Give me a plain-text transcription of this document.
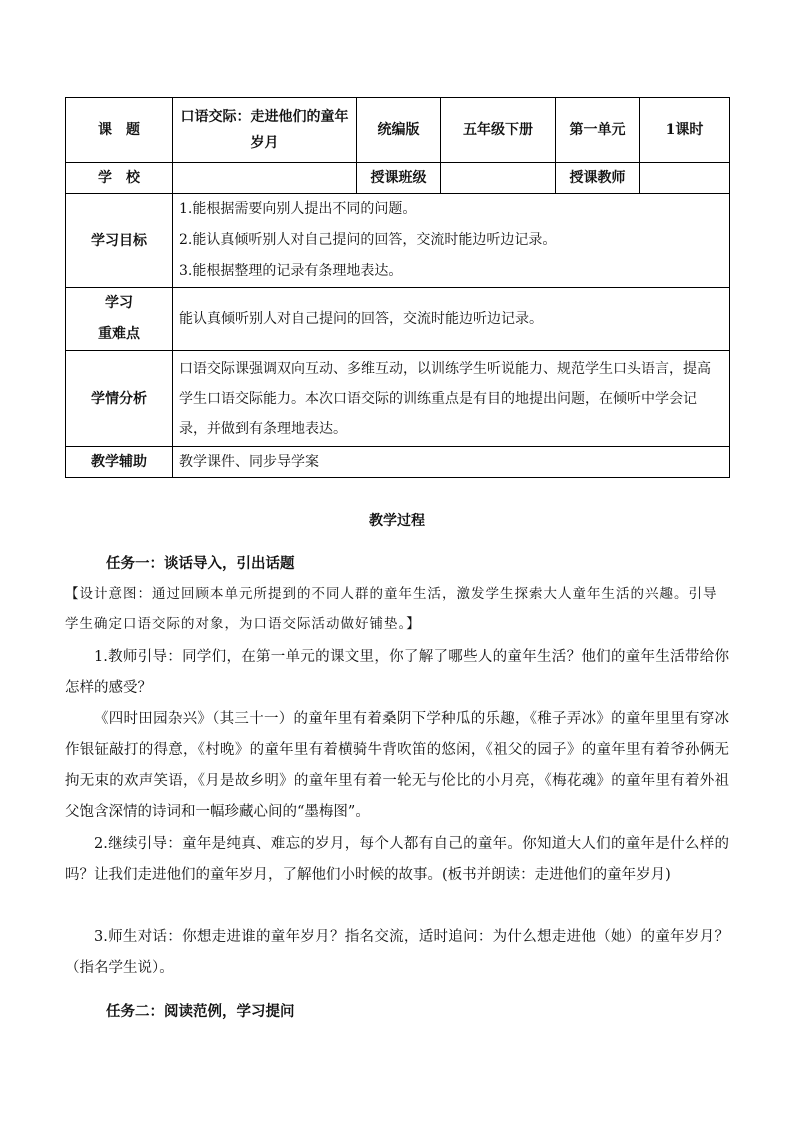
课　题	口语交际：走进他们的童年岁月	统编版	五年级下册	第一单元	1课时
学　校		授课班级		授课教师	
学习目标	1.能根据需要向别人提出不同的问题。
2.能认真倾听别人对自己提问的回答，交流时能边听边记录。
3.能根据整理的记录有条理地表达。				

学习
重难点	能认真倾听别人对自己提问的回答，交流时能边听边记录。				
学情分析	口语交际课强调双向互动、多维互动，以训练学生听说能力、规范学生口头语言，提高学生口语交际能力。本次口语交际的训练重点是有目的地提出问题，在倾听中学会记录，并做到有条理地表达。				
教学辅助	教学课件、同步导学案				
教学过程
任务一：谈话导入，引出话题
【设计意图：通过回顾本单元所提到的不同人群的童年生活，激发学生探索大人童年生活的兴趣。引导学生确定口语交际的对象，为口语交际活动做好铺垫。】
1.教师引导：同学们，在第一单元的课文里，你了解了哪些人的童年生活？他们的童年生活带给你怎样的感受？
《四时田园杂兴》（其三十一）的童年里有着桑阴下学种瓜的乐趣，《稚子弄冰》的童年里里有穿冰作银钲敲打的得意，《村晚》的童年里有着横骑牛背吹笛的悠闲，《祖父的园子》的童年里有着爷孙俩无拘无束的欢声笑语，《月是故乡明》的童年里有着一轮无与伦比的小月亮，《梅花魂》的童年里有着外祖父饱含深情的诗词和一幅珍藏心间的“墨梅图”。
2.继续引导：童年是纯真、难忘的岁月，每个人都有自己的童年。你知道大人们的童年是什么样的吗？让我们走进他们的童年岁月，了解他们小时候的故事。(板书并朗读：走进他们的童年岁月)
3.师生对话：你想走进谁的童年岁月？指名交流，适时追问：为什么想走进他（她）的童年岁月？（指名学生说）。
任务二：阅读范例，学习提问
